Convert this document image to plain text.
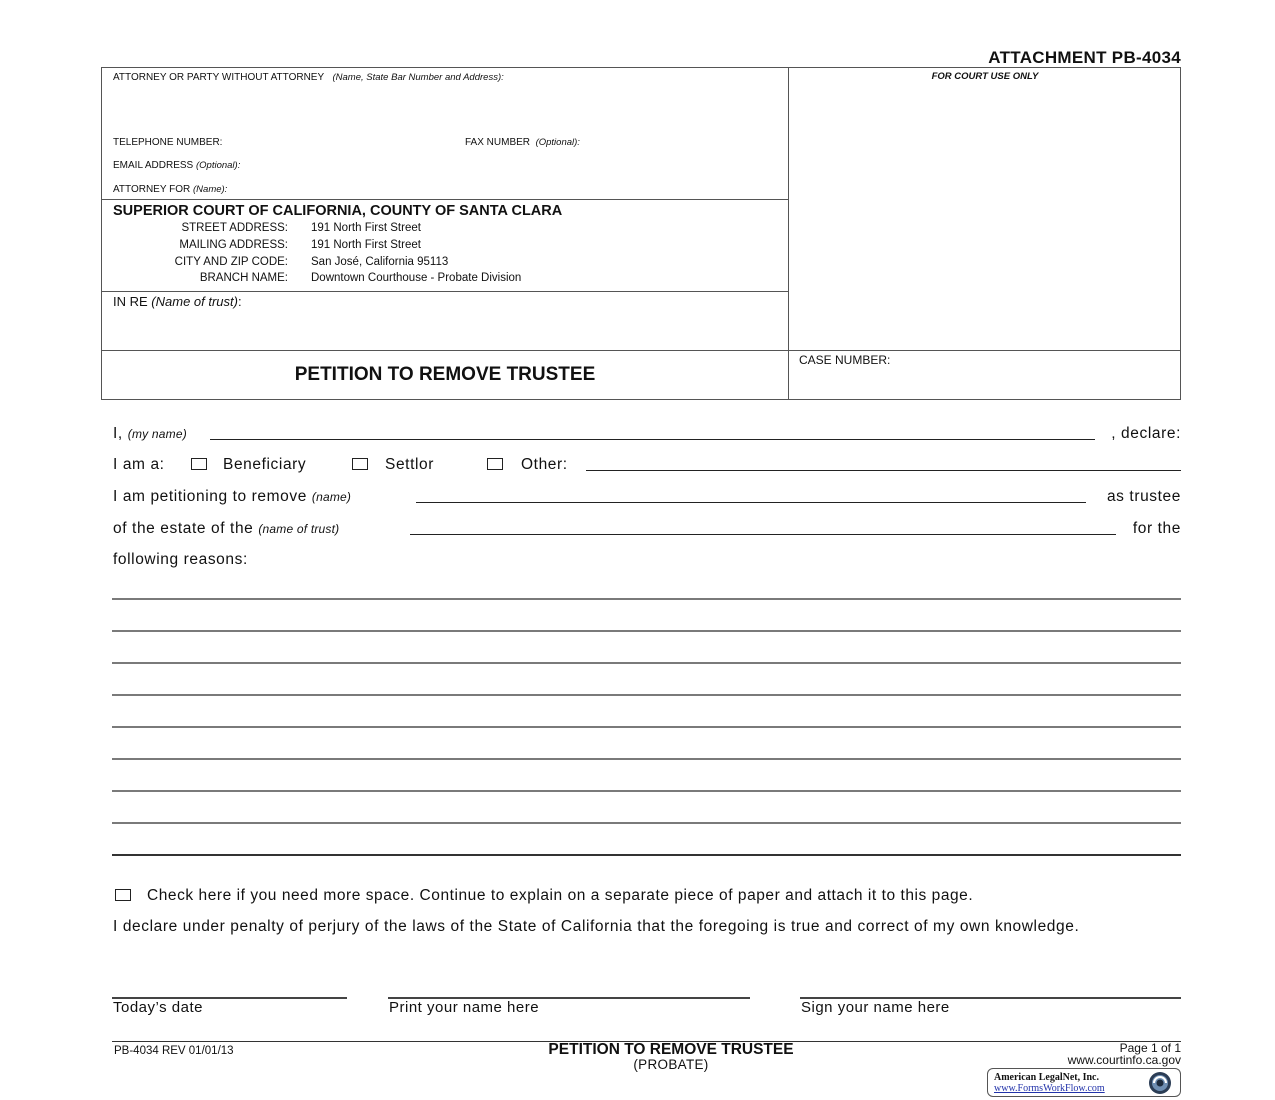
ATTACHMENT PB-4034
ATTORNEY OR PARTY WITHOUT ATTORNEY (Name, State Bar Number and Address):
TELEPHONE NUMBER:	FAX NUMBER (Optional):
EMAIL ADDRESS (Optional):
ATTORNEY FOR (Name):
SUPERIOR COURT OF CALIFORNIA, COUNTY OF SANTA CLARA
STREET ADDRESS: 191 North First Street
MAILING ADDRESS: 191 North First Street
CITY AND ZIP CODE: San José, California 95113
BRANCH NAME: Downtown Courthouse - Probate Division
IN RE (Name of trust):
FOR COURT USE ONLY
PETITION TO REMOVE TRUSTEE
CASE NUMBER:
I, (my name)	, declare:
I am a:	Beneficiary	Settlor	Other:
I am petitioning to remove (name)	as trustee
of the estate of the (name of trust)	for the
following reasons:
Check here if you need more space. Continue to explain on a separate piece of paper and attach it to this page.
I declare under penalty of perjury of the laws of the State of California that the foregoing is true and correct of my own knowledge.
Today’s date	Print your name here	Sign your name here
PB-4034 REV 01/01/13	PETITION TO REMOVE TRUSTEE
(PROBATE)
Page 1 of 1
www.courtinfo.ca.gov
American LegalNet, Inc.
www.FormsWorkFlow.com
